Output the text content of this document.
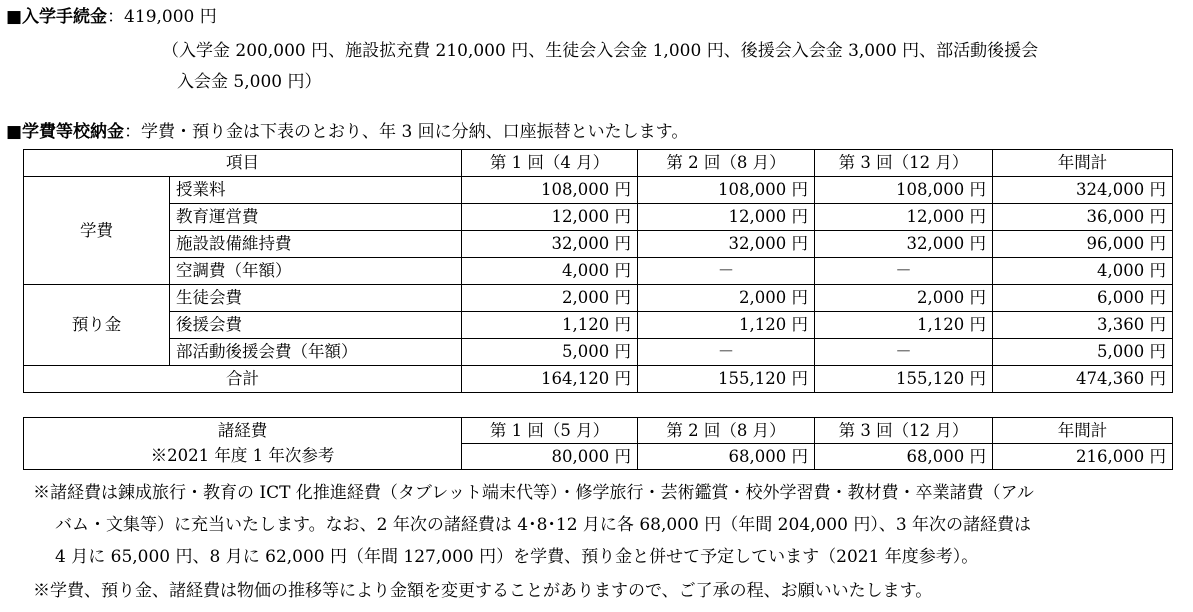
■入学手続金：419,000 円
（入学金 200,000 円、施設拡充費 210,000 円、生徒会入会金 1,000 円、後援会入会金 3,000 円、部活動後援会
入会金 5,000 円）
■学費等校納金：学費・預り金は下表のとおり、年 3 回に分納、口座振替といたします。
項目		第 1 回（4 月）	第 2 回（8 月）	第 3 回（12 月）	年間計
学費	授業料	108,000 円	108,000 円	108,000 円	324,000 円
	教育運営費	12,000 円	12,000 円	12,000 円	36,000 円
	施設設備維持費	32,000 円	32,000 円	32,000 円	96,000 円
	空調費（年額）	4,000 円	－	－	4,000 円
預り金	生徒会費	2,000 円	2,000 円	2,000 円	6,000 円
	後援会費	1,120 円	1,120 円	1,120 円	3,360 円
	部活動後援会費（年額）	5,000 円	－	－	5,000 円
合計		164,120 円	155,120 円	155,120 円	474,360 円
諸経費	第 1 回（5 月）	第 2 回（8 月）	第 3 回（12 月）	年間計
※2021 年度 1 年次参考	80,000 円	68,000 円	68,000 円	216,000 円
※諸経費は錬成旅行・教育の ICT 化推進経費（タブレット端末代等）・修学旅行・芸術鑑賞・校外学習費・教材費・卒業諸費（アル
バム・文集等）に充当いたします。なお、2 年次の諸経費は 4･8･12 月に各 68,000 円（年間 204,000 円）、3 年次の諸経費は
4 月に 65,000 円、8 月に 62,000 円（年間 127,000 円）を学費、預り金と併せて予定しています（2021 年度参考）。
※学費、預り金、諸経費は物価の推移等により金額を変更することがありますので、ご了承の程、お願いいたします。
